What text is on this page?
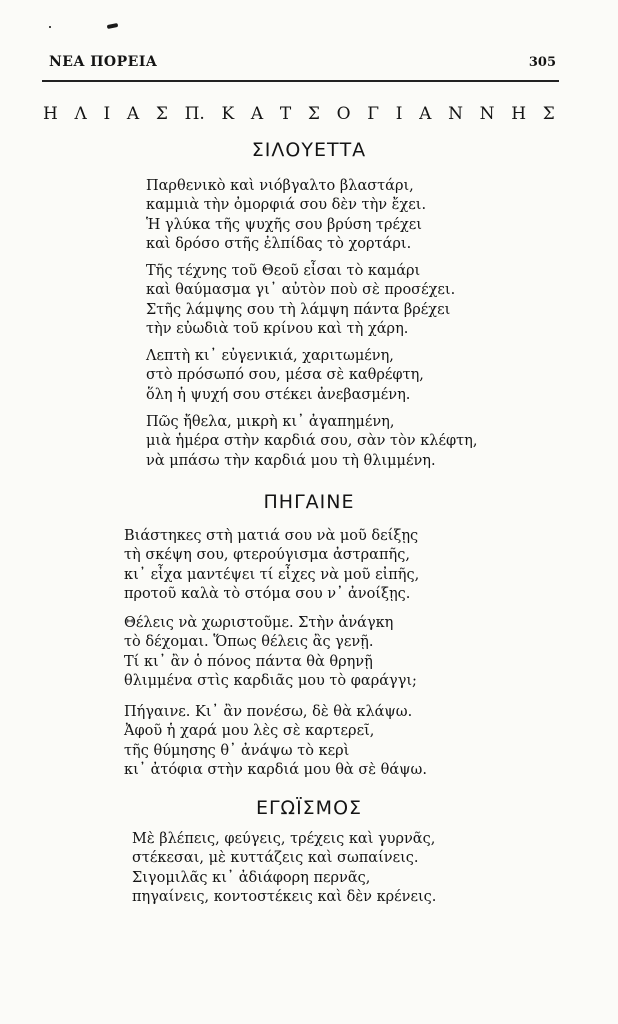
ΝΕΑ ΠΟΡΕΙΑ	305
Η Λ Ι Α Σ Π. Κ Α Τ Σ Ο Γ Ι Α Ν Ν Η Σ
ΣΙΛΟΥΕΤΤΑ
Παρθενικὸ καὶ νιόβγαλτο βλαστάρι,
καμμιὰ τὴν ὀμορφιά σου δὲν τὴν ἔχει.
Ἡ γλύκα τῆς ψυχῆς σου βρύση τρέχει
καὶ δρόσο στῆς ἐλπίδας τὸ χορτάρι.
Τῆς τέχνης τοῦ Θεοῦ εἶσαι τὸ καμάρι
καὶ θαύμασμα γι᾽ αὐτὸν ποὺ σὲ προσέχει.
Στῆς λάμψης σου τὴ λάμψη πάντα βρέχει
τὴν εὐωδιὰ τοῦ κρίνου καὶ τὴ χάρη.
Λεπτὴ κι᾽ εὐγενικιά, χαριτωμένη,
στὸ πρόσωπό σου, μέσα σὲ καθρέφτη,
ὅλη ἡ ψυχή σου στέκει ἀνεβασμένη.
Πῶς ἤθελα, μικρὴ κι᾽ ἀγαπημένη,
μιὰ ἡμέρα στὴν καρδιά σου, σὰν τὸν κλέφτη,
νὰ μπάσω τὴν καρδιά μου τὴ θλιμμένη.
ΠΗΓΑΙΝΕ
Βιάστηκες στὴ ματιά σου νὰ μοῦ δείξῃς
τὴ σκέψη σου, φτερούγισμα ἀστραπῆς,
κι᾽ εἶχα μαντέψει τί εἶχες νὰ μοῦ εἰπῆς,
προτοῦ καλὰ τὸ στόμα σου ν᾽ ἀνοίξῃς.
Θέλεις νὰ χωριστοῦμε. Στὴν ἀνάγκη
τὸ δέχομαι. Ὅπως θέλεις ἂς γενῇ.
Τί κι᾽ ἂν ὁ πόνος πάντα θὰ θρηνῇ
θλιμμένα στὶς καρδιᾶς μου τὸ φαράγγι;
Πήγαινε. Κι᾽ ἂν πονέσω, δὲ θὰ κλάψω.
Ἀφοῦ ἡ χαρά μου λὲς σὲ καρτερεῖ,
τῆς θύμησης θ᾽ ἀνάψω τὸ κερὶ
κι᾽ ἀτόφια στὴν καρδιά μου θὰ σὲ θάψω.
ΕΓΩΪΣΜΟΣ
Μὲ βλέπεις, φεύγεις, τρέχεις καὶ γυρνᾶς,
στέκεσαι, μὲ κυττάζεις καὶ σωπαίνεις.
Σιγομιλᾶς κι᾽ ἀδιάφορη περνᾶς,
πηγαίνεις, κοντοστέκεις καὶ δὲν κρένεις.
